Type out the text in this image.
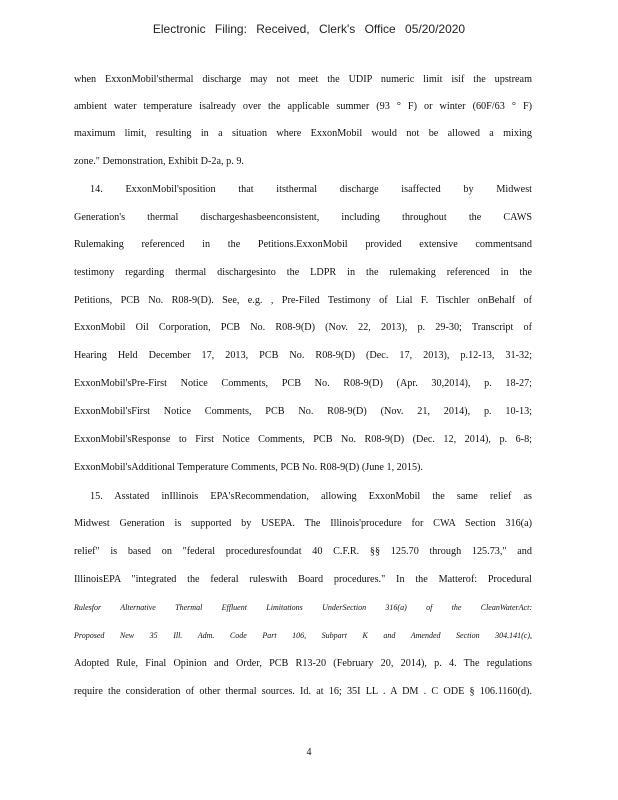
Electronic Filing: Received, Clerk's Office 05/20/2020
when ExxonMobil'sthermal discharge may not meet the UDIP numeric limit isif the upstream
ambient water temperature isalready over the applicable summer (93 ° F) or winter (60F/63 ° F)
maximum limit, resulting in a situation where ExxonMobil would not be allowed a mixing
zone." Demonstration, Exhibit D-2a, p. 9.
14. ExxonMobil'sposition that itsthermal discharge isaffected by Midwest
Generation's thermal dischargeshasbeenconsistent, including throughout the CAWS
Rulemaking referenced in the Petitions.ExxonMobil provided extensive commentsand
testimony regarding thermal dischargesinto the LDPR in the rulemaking referenced in the
Petitions, PCB No. R08-9(D). See, e.g. , Pre-Filed Testimony of Lial F. Tischler onBehalf of
ExxonMobil Oil Corporation, PCB No. R08-9(D) (Nov. 22, 2013), p. 29-30; Transcript of
Hearing Held December 17, 2013, PCB No. R08-9(D) (Dec. 17, 2013), p.12-13, 31-32;
ExxonMobil'sPre-First Notice Comments, PCB No. R08-9(D) (Apr. 30,2014), p. 18-27;
ExxonMobil'sFirst Notice Comments, PCB No. R08-9(D) (Nov. 21, 2014), p. 10-13;
ExxonMobil'sResponse to First Notice Comments, PCB No. R08-9(D) (Dec. 12, 2014), p. 6-8;
ExxonMobil'sAdditional Temperature Comments, PCB No. R08-9(D) (June 1, 2015).
15. Asstated inIllinois EPA'sRecommendation, allowing ExxonMobil the same relief as
Midwest Generation is supported by USEPA. The Illinois'procedure for CWA Section 316(a)
relief" is based on "federal proceduresfoundat 40 C.F.R. §§ 125.70 through 125.73," and
IllinoisEPA "integrated the federal ruleswith Board procedures." In the Matterof: Procedural
Rulesfor Alternative Thermal Effluent Limitations UnderSection 316(a) of the CleanWaterAct:
Proposed New 35 Ill. Adm. Code Part 106, Subpart K and Amended Section 304.141(c),
Adopted Rule, Final Opinion and Order, PCB R13-20 (February 20, 2014), p. 4. The regulations
require the consideration of other thermal sources. Id. at 16; 35I LL . A DM . C ODE § 106.1160(d).
4
